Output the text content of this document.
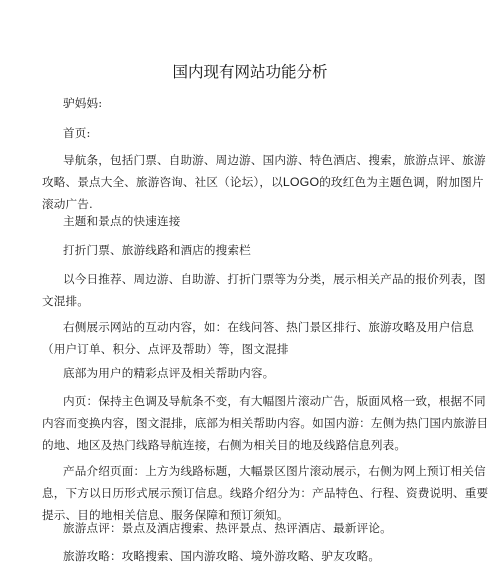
国内现有网站功能分析

驴妈妈:

首页:

导航条，包括门票、自助游、周边游、国内游、特色酒店、搜索，旅游点评、旅游
攻略、景点大全、旅游咨询、社区（论坛），以LOGO的玫红色为主题色调，附加图片
滚动广告.

主题和景点的快速连接

打折门票、旅游线路和酒店的搜索栏

以今日推荐、周边游、自助游、打折门票等为分类，展示相关产品的报价列表，图
文混排。

右侧展示网站的互动内容，如：在线问答、热门景区排行、旅游攻略及用户信息
（用户订单、积分、点评及帮助）等，图文混排

底部为用户的精彩点评及相关帮助内容。

内页：保持主色调及导航条不变，有大幅图片滚动广告，版面风格一致，根据不同
内容而变换内容，图文混排，底部为相关帮助内容。如国内游：左侧为热门国内旅游目
的地、地区及热门线路导航连接，右侧为相关目的地及线路信息列表。

产品介绍页面：上方为线路标题，大幅景区图片滚动展示，右侧为网上预订相关信
息，下方以日历形式展示预订信息。线路介绍分为：产品特色、行程、资费说明、重要
提示、目的地相关信息、服务保障和预订须知。

旅游点评：景点及酒店搜索、热评景点、热评酒店、最新评论。

旅游攻略：攻略搜索、国内游攻略、境外游攻略、驴友攻略。
